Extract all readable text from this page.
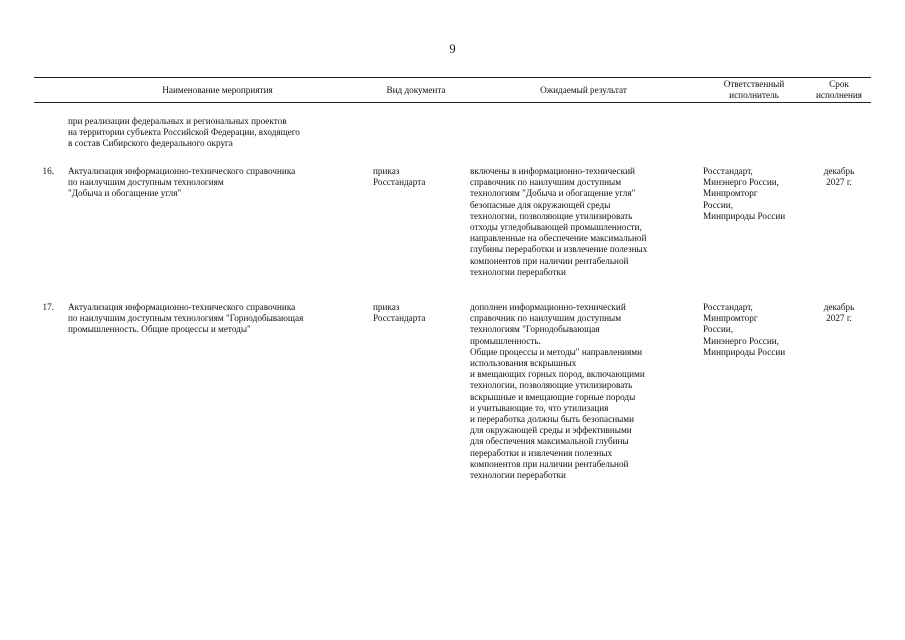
9
Наименование мероприятия	Вид документа	Ожидаемый результат
Ответственный
исполнитель
Срок
исполнения
при реализации федеральных и региональных проектов
на территории субъекта Российской Федерации, входящего
в состав Сибирского федерального округа
16. Актуализация информационно-технического справочника
по наилучшим доступным технологиям
"Добыча и обогащение угля"
приказ
Росстандарта
включены в информационно-технический
справочник по наилучшим доступным
технологиям "Добыча и обогащение угля"
безопасные для окружающей среды
технологии, позволяющие утилизировать
отходы угледобывающей промышленности,
направленные на обеспечение максимальной
глубины переработки и извлечение полезных
компонентов при наличии рентабельной
технологии переработки
Росстандарт,
Минэнерго России,
Минпромторг
России,
Минприроды России
декабрь
2027 г.
17. Актуализация информационно-технического справочника
по наилучшим доступным технологиям "Горнодобывающая
промышленность. Общие процессы и методы"
приказ
Росстандарта
дополнен информационно-технический
справочник по наилучшим доступным
технологиям "Горнодобывающая
промышленность.
Общие процессы и методы" направлениями
использования вскрышных
и вмещающих горных пород, включающими
технологии, позволяющие утилизировать
вскрышные и вмещающие горные породы
и учитывающие то, что утилизация
и переработка должны быть безопасными
для окружающей среды и эффективными
для обеспечения максимальной глубины
переработки и извлечения полезных
компонентов при наличии рентабельной
технологии переработки
Росстандарт,
Минпромторг
России,
Минэнерго России,
Минприроды России
декабрь
2027 г.
